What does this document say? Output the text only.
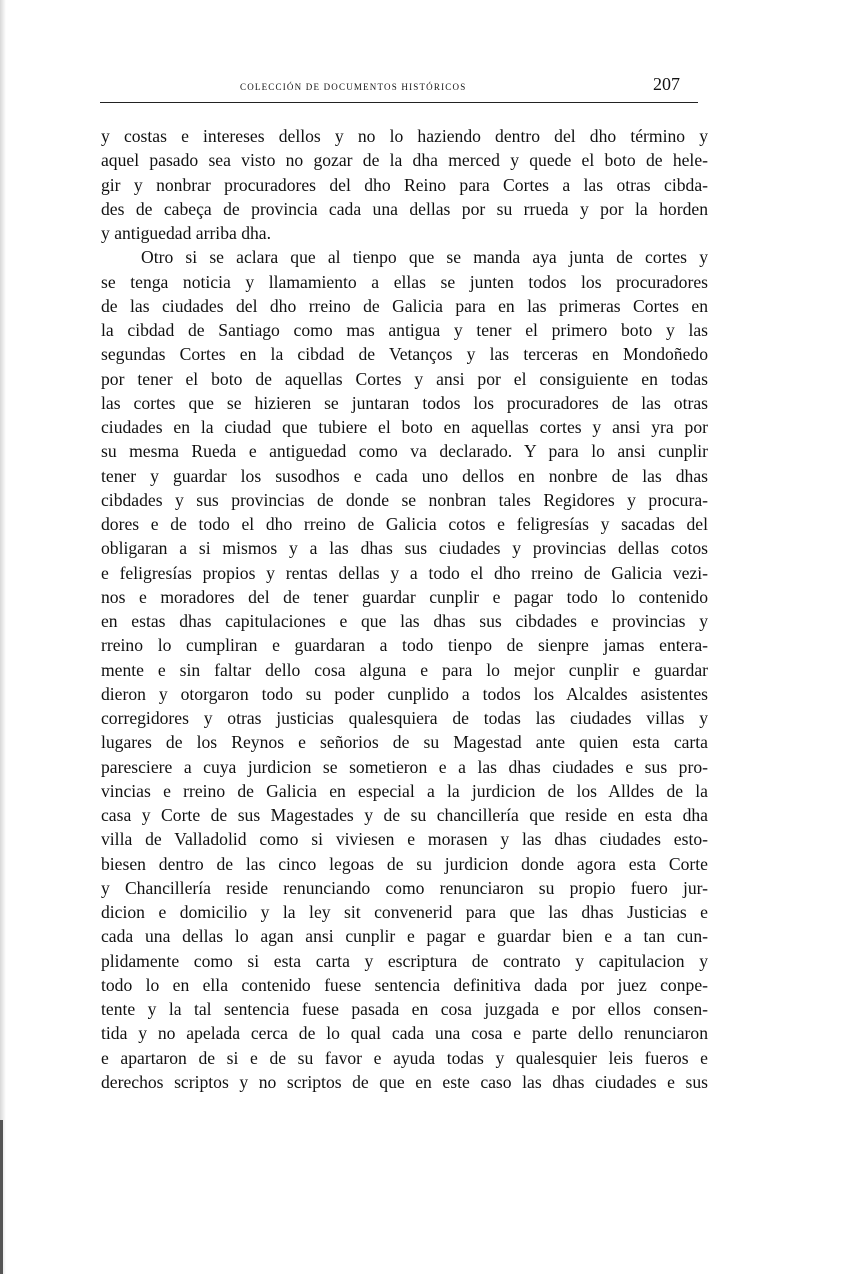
colección de documentos históricos	207
y costas e intereses dellos y no lo haziendo dentro del dho término y
aquel pasado sea visto no gozar de la dha merced y quede el boto de hele-
gir y nonbrar procuradores del dho Reino para Cortes a las otras cibda-
des de cabeça de provincia cada una dellas por su rrueda y por la horden
y antiguedad arriba dha.
Otro si se aclara que al tienpo que se manda aya junta de cortes y
se tenga noticia y llamamiento a ellas se junten todos los procuradores
de las ciudades del dho rreino de Galicia para en las primeras Cortes en
la cibdad de Santiago como mas antigua y tener el primero boto y las
segundas Cortes en la cibdad de Vetanços y las terceras en Mondoñedo
por tener el boto de aquellas Cortes y ansi por el consiguiente en todas
las cortes que se hizieren se juntaran todos los procuradores de las otras
ciudades en la ciudad que tubiere el boto en aquellas cortes y ansi yra por
su mesma Rueda e antiguedad como va declarado. Y para lo ansi cunplir
tener y guardar los susodhos e cada uno dellos en nonbre de las dhas
cibdades y sus provincias de donde se nonbran tales Regidores y procura-
dores e de todo el dho rreino de Galicia cotos e feligresías y sacadas del
obligaran a si mismos y a las dhas sus ciudades y provincias dellas cotos
e feligresías propios y rentas dellas y a todo el dho rreino de Galicia vezi-
nos e moradores del de tener guardar cunplir e pagar todo lo contenido
en estas dhas capitulaciones e que las dhas sus cibdades e provincias y
rreino lo cumpliran e guardaran a todo tienpo de sienpre jamas entera-
mente e sin faltar dello cosa alguna e para lo mejor cunplir e guardar
dieron y otorgaron todo su poder cunplido a todos los Alcaldes asistentes
corregidores y otras justicias qualesquiera de todas las ciudades villas y
lugares de los Reynos e señorios de su Magestad ante quien esta carta
paresciere a cuya jurdicion se sometieron e a las dhas ciudades e sus pro-
vincias e rreino de Galicia en especial a la jurdicion de los Alldes de la
casa y Corte de sus Magestades y de su chancillería que reside en esta dha
villa de Valladolid como si viviesen e morasen y las dhas ciudades esto-
biesen dentro de las cinco legoas de su jurdicion donde agora esta Corte
y Chancillería reside renunciando como renunciaron su propio fuero jur-
dicion e domicilio y la ley sit convenerid para que las dhas Justicias e
cada una dellas lo agan ansi cunplir e pagar e guardar bien e a tan cun-
plidamente como si esta carta y escriptura de contrato y capitulacion y
todo lo en ella contenido fuese sentencia definitiva dada por juez conpe-
tente y la tal sentencia fuese pasada en cosa juzgada e por ellos consen-
tida y no apelada cerca de lo qual cada una cosa e parte dello renunciaron
e apartaron de si e de su favor e ayuda todas y qualesquier leis fueros e
derechos scriptos y no scriptos de que en este caso las dhas ciudades e sus
